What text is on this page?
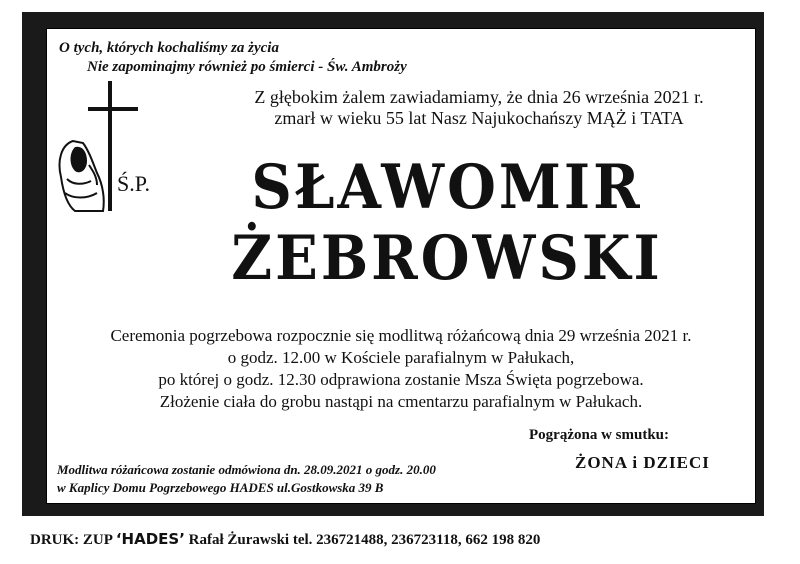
O tych, których kochaliśmy za życia
Nie zapominajmy również po śmierci - Św. Ambroży
Z głębokim żalem zawiadamiamy, że dnia 26 września 2021 r.
zmarł w wieku 55 lat Nasz Najukochańszy MĄŻ i TATA
Ś.P.	SŁAWOMIR
ŻEBROWSKI
Ceremonia pogrzebowa rozpocznie się modlitwą różańcową dnia 29 września 2021 r.
o godz. 12.00 w Kościele parafialnym w Pałukach,
po której o godz. 12.30 odprawiona zostanie Msza Święta pogrzebowa.
Złożenie ciała do grobu nastąpi na cmentarzu parafialnym w Pałukach.
Pogrążona w smutku:
ŻONA i DZIECI
Modlitwa różańcowa zostanie odmówiona dn. 28.09.2021 o godz. 20.00
w Kaplicy Domu Pogrzebowego HADES ul.Gostkowska 39 B
DRUK: ZUP ‘HADES’ Rafał Żurawski tel. 236721488, 236723118, 662 198 820
